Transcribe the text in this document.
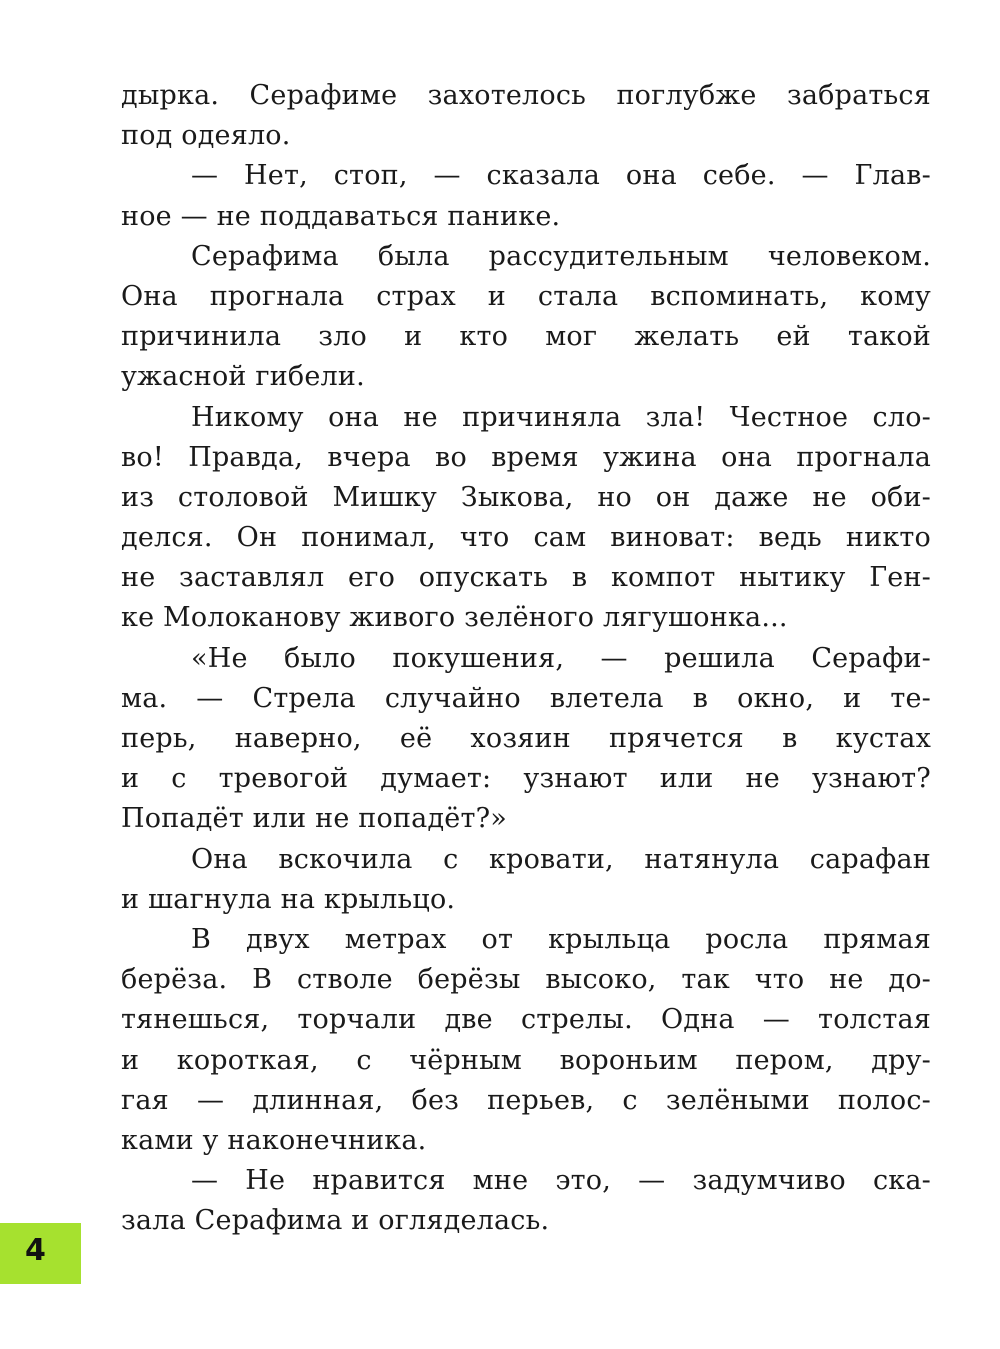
дырка. Серафиме захотелось поглубже забраться
под одеяло.
— Нет, стоп, — сказала она себе. — Глав-
ное — не поддаваться панике.
Серафима была рассудительным человеком.
Она прогнала страх и стала вспоминать, кому
причинила зло и кто мог желать ей такой
ужасной гибели.
Никому она не причиняла зла! Честное сло-
во! Правда, вчера во время ужина она прогнала
из столовой Мишку Зыкова, но он даже не оби-
делся. Он понимал, что сам виноват: ведь никто
не заставлял его опускать в компот нытику Ген-
ке Молоканову живого зелёного лягушонка...
«Не было покушения, — решила Серафи-
ма. — Стрела случайно влетела в окно, и те-
перь, наверно, её хозяин прячется в кустах
и с тревогой думает: узнают или не узнают?
Попадёт или не попадёт?»
Она вскочила с кровати, натянула сарафан
и шагнула на крыльцо.
В двух метрах от крыльца росла прямая
берёза. В стволе берёзы высоко, так что не до-
тянешься, торчали две стрелы. Одна — толстая
и короткая, с чёрным вороньим пером, дру-
гая — длинная, без перьев, с зелёными полос-
ками у наконечника.
— Не нравится мне это, — задумчиво ска-
зала Серафима и огляделась.
4
